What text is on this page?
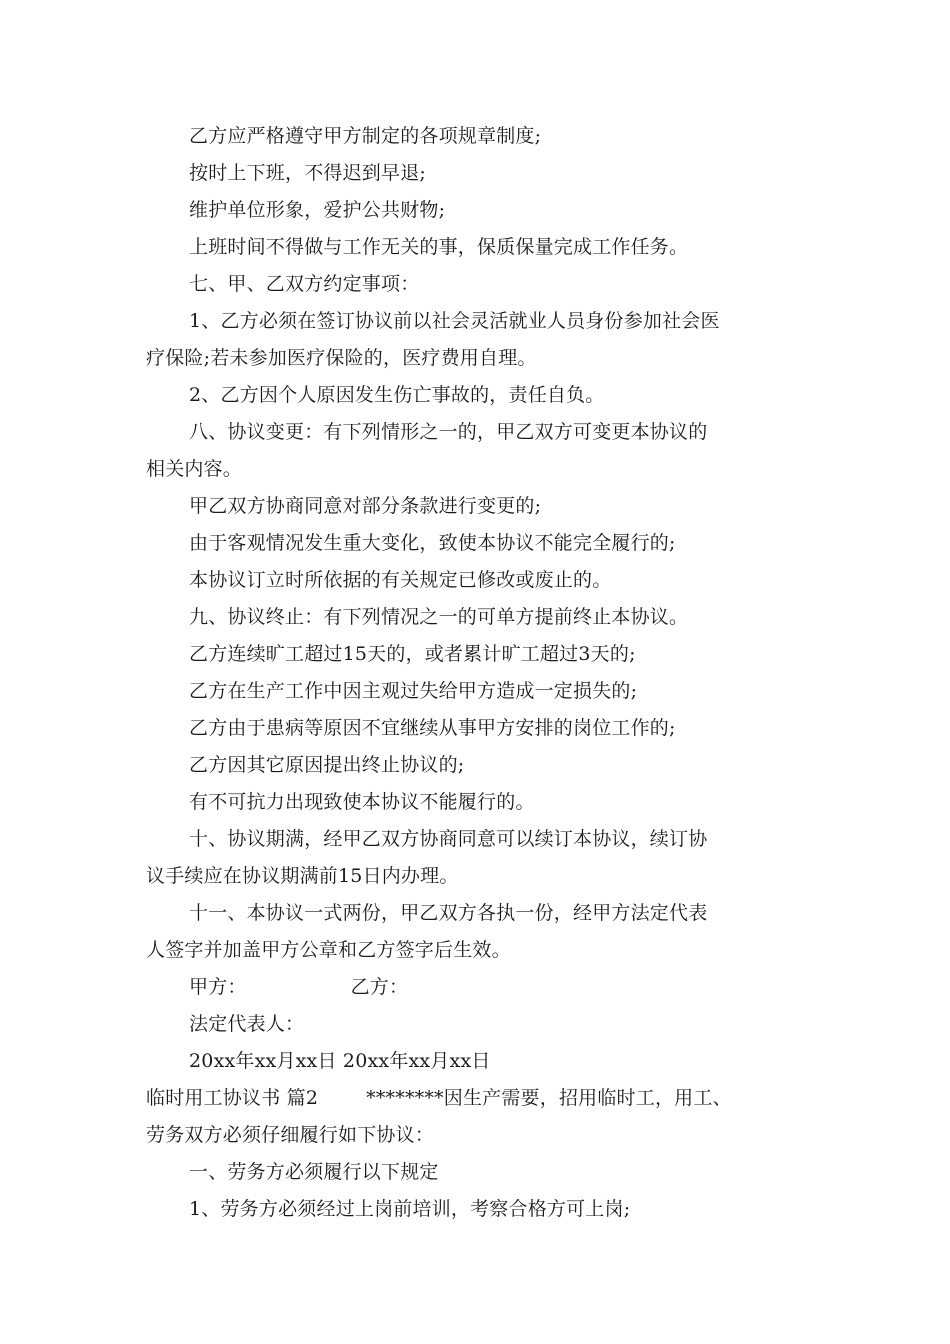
乙方应严格遵守甲方制定的各项规章制度;
按时上下班，不得迟到早退;
维护单位形象，爱护公共财物;
上班时间不得做与工作无关的事，保质保量完成工作任务。
七、甲、乙双方约定事项：
1、乙方必须在签订协议前以社会灵活就业人员身份参加社会医
疗保险;若未参加医疗保险的，医疗费用自理。
2、乙方因个人原因发生伤亡事故的，责任自负。
八、协议变更：有下列情形之一的，甲乙双方可变更本协议的
相关内容。
甲乙双方协商同意对部分条款进行变更的;
由于客观情况发生重大变化，致使本协议不能完全履行的;
本协议订立时所依据的有关规定已修改或废止的。
九、协议终止：有下列情况之一的可单方提前终止本协议。
乙方连续旷工超过15天的，或者累计旷工超过3天的;
乙方在生产工作中因主观过失给甲方造成一定损失的;
乙方由于患病等原因不宜继续从事甲方安排的岗位工作的;
乙方因其它原因提出终止协议的;
有不可抗力出现致使本协议不能履行的。
十、协议期满，经甲乙双方协商同意可以续订本协议，续订协
议手续应在协议期满前15日内办理。
十一、本协议一式两份，甲乙双方各执一份，经甲方法定代表
人签字并加盖甲方公章和乙方签字后生效。
甲方：	乙方：
法定代表人：
20xx年xx月xx日 20xx年xx月xx日
临时用工协议书 篇2	********因生产需要，招用临时工，用工、
劳务双方必须仔细履行如下协议：
一、劳务方必须履行以下规定
1、劳务方必须经过上岗前培训，考察合格方可上岗;
